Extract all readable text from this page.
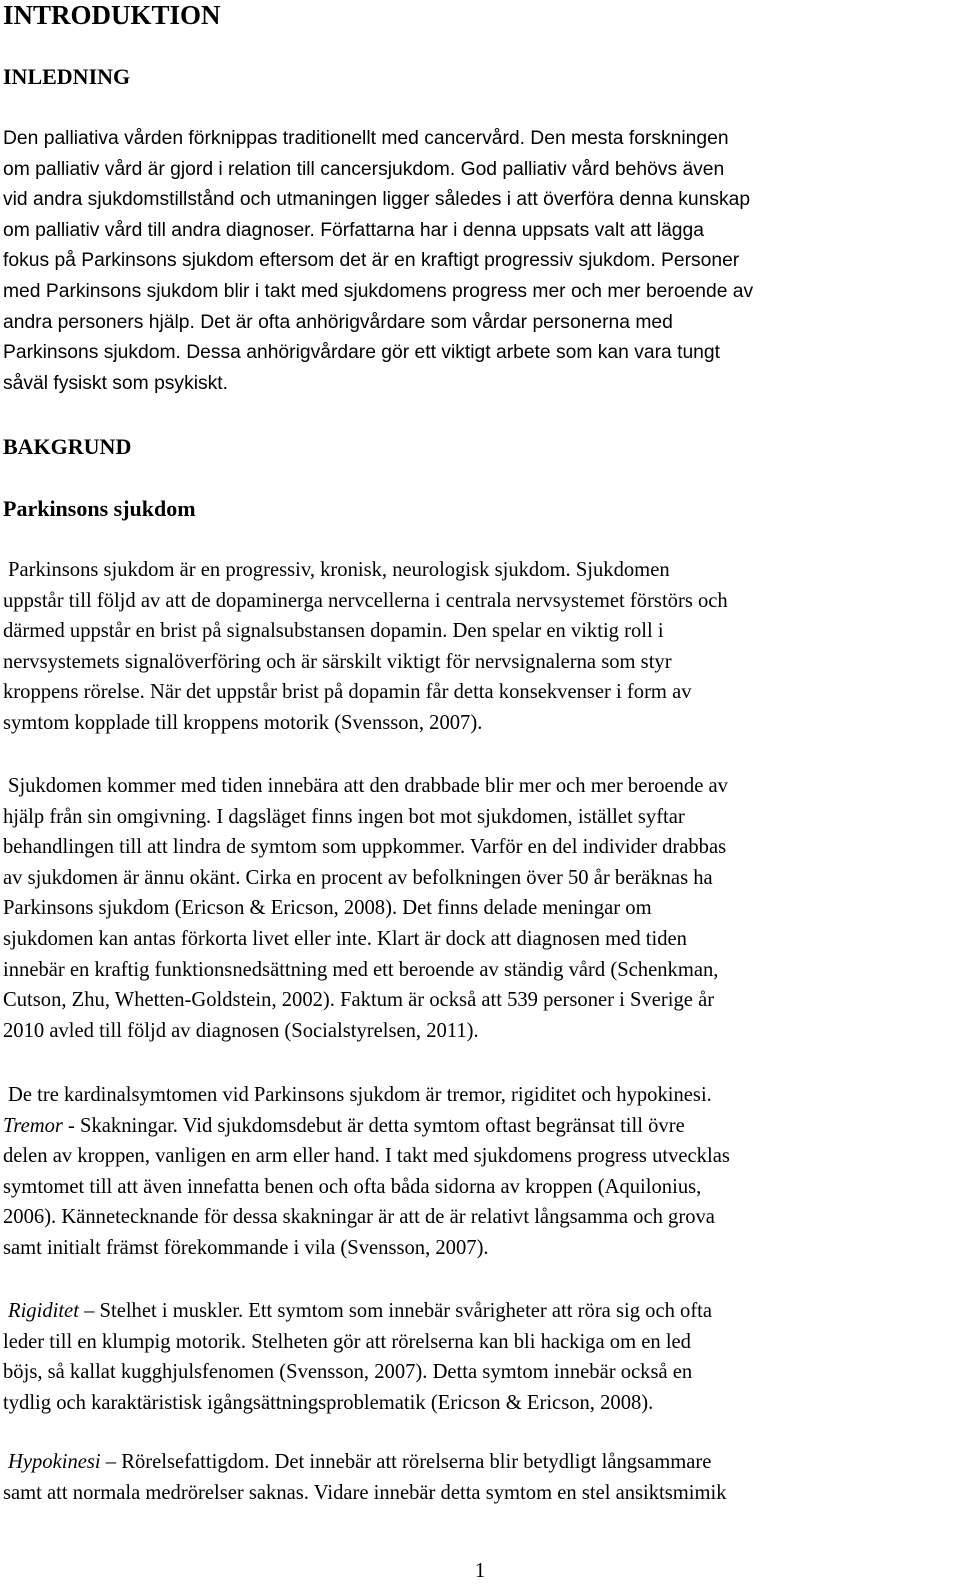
INTRODUKTION
INLEDNING
Den palliativa vården förknippas traditionellt med cancervård. Den mesta forskningen
om palliativ vård är gjord i relation till cancersjukdom. God palliativ vård behövs även
vid andra sjukdomstillstånd och utmaningen ligger således i att överföra denna kunskap
om palliativ vård till andra diagnoser. Författarna har i denna uppsats valt att lägga
fokus på Parkinsons sjukdom eftersom det är en kraftigt progressiv sjukdom. Personer
med Parkinsons sjukdom blir i takt med sjukdomens progress mer och mer beroende av
andra personers hjälp. Det är ofta anhörigvårdare som vårdar personerna med
Parkinsons sjukdom. Dessa anhörigvårdare gör ett viktigt arbete som kan vara tungt
såväl fysiskt som psykiskt.
BAKGRUND
Parkinsons sjukdom
Parkinsons sjukdom är en progressiv, kronisk, neurologisk sjukdom. Sjukdomen
uppstår till följd av att de dopaminerga nervcellerna i centrala nervsystemet förstörs och
därmed uppstår en brist på signalsubstansen dopamin. Den spelar en viktig roll i
nervsystemets signalöverföring och är särskilt viktigt för nervsignalerna som styr
kroppens rörelse. När det uppstår brist på dopamin får detta konsekvenser i form av
symtom kopplade till kroppens motorik (Svensson, 2007).
Sjukdomen kommer med tiden innebära att den drabbade blir mer och mer beroende av
hjälp från sin omgivning. I dagsläget finns ingen bot mot sjukdomen, istället syftar
behandlingen till att lindra de symtom som uppkommer. Varför en del individer drabbas
av sjukdomen är ännu okänt. Cirka en procent av befolkningen över 50 år beräknas ha
Parkinsons sjukdom (Ericson & Ericson, 2008). Det finns delade meningar om
sjukdomen kan antas förkorta livet eller inte. Klart är dock att diagnosen med tiden
innebär en kraftig funktionsnedsättning med ett beroende av ständig vård (Schenkman,
Cutson, Zhu, Whetten-Goldstein, 2002). Faktum är också att 539 personer i Sverige år
2010 avled till följd av diagnosen (Socialstyrelsen, 2011).
De tre kardinalsymtomen vid Parkinsons sjukdom är tremor, rigiditet och hypokinesi.
Tremor - Skakningar. Vid sjukdomsdebut är detta symtom oftast begränsat till övre
delen av kroppen, vanligen en arm eller hand. I takt med sjukdomens progress utvecklas
symtomet till att även innefatta benen och ofta båda sidorna av kroppen (Aquilonius,
2006). Kännetecknande för dessa skakningar är att de är relativt långsamma och grova
samt initialt främst förekommande i vila (Svensson, 2007).
Rigiditet – Stelhet i muskler. Ett symtom som innebär svårigheter att röra sig och ofta
leder till en klumpig motorik. Stelheten gör att rörelserna kan bli hackiga om en led
böjs, så kallat kugghjulsfenomen (Svensson, 2007). Detta symtom innebär också en
tydlig och karaktäristisk igångsättningsproblematik (Ericson & Ericson, 2008).
Hypokinesi – Rörelsefattigdom. Det innebär att rörelserna blir betydligt långsammare
samt att normala medrörelser saknas. Vidare innebär detta symtom en stel ansiktsmimik
1
